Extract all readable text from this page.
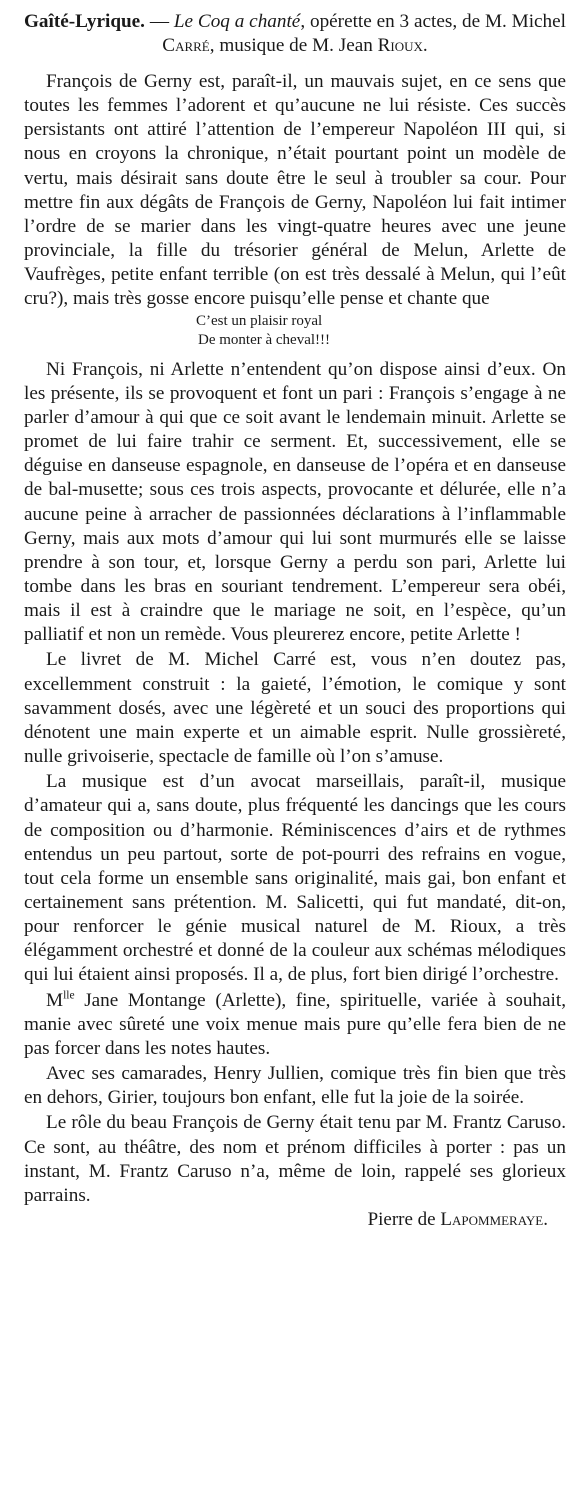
Gaîté-Lyrique. — Le Coq a chanté, opérette en 3 actes, de M. Michel Carré, musique de M. Jean Rioux.

François de Gerny est, paraît-il, un mauvais sujet, en ce sens que toutes les femmes l’adorent et qu’aucune ne lui résiste. Ces succès persistants ont attiré l’attention de l’empereur Napoléon III qui, si nous en croyons la chronique, n’était pourtant point un modèle de vertu, mais désirait sans doute être le seul à troubler sa cour. Pour mettre fin aux dégâts de François de Gerny, Napoléon lui fait intimer l’ordre de se marier dans les vingt-quatre heures avec une jeune provinciale, la fille du trésorier général de Melun, Arlette de Vaufrèges, petite enfant terrible (on est très dessalé à Melun, qui l’eût cru?), mais très gosse encore puisqu’elle pense et chante que

C’est un plaisir royal
De monter à cheval!!!

Ni François, ni Arlette n’entendent qu’on dispose ainsi d’eux. On les présente, ils se provoquent et font un pari : François s’engage à ne parler d’amour à qui que ce soit avant le lendemain minuit. Arlette se promet de lui faire trahir ce serment. Et, successivement, elle se déguise en danseuse espagnole, en danseuse de l’opéra et en danseuse de bal-musette; sous ces trois aspects, provocante et délurée, elle n’a aucune peine à arracher de passionnées déclarations à l’inflammable Gerny, mais aux mots d’amour qui lui sont murmurés elle se laisse prendre à son tour, et, lorsque Gerny a perdu son pari, Arlette lui tombe dans les bras en souriant tendrement. L’empereur sera obéi, mais il est à craindre que le mariage ne soit, en l’espèce, qu’un palliatif et non un remède. Vous pleurerez encore, petite Arlette !

Le livret de M. Michel Carré est, vous n’en doutez pas, excellemment construit : la gaieté, l’émotion, le comique y sont savamment dosés, avec une légèreté et un souci des proportions qui dénotent une main experte et un aimable esprit. Nulle grossièreté, nulle grivoiserie, spectacle de famille où l’on s’amuse.

La musique est d’un avocat marseillais, paraît-il, musique d’amateur qui a, sans doute, plus fréquenté les dancings que les cours de composition ou d’harmonie. Réminiscences d’airs et de rythmes entendus un peu partout, sorte de pot-pourri des refrains en vogue, tout cela forme un ensemble sans originalité, mais gai, bon enfant et certainement sans prétention. M. Salicetti, qui fut mandaté, dit-on, pour renforcer le génie musical naturel de M. Rioux, a très élégamment orchestré et donné de la couleur aux schémas mélodiques qui lui étaient ainsi proposés. Il a, de plus, fort bien dirigé l’orchestre.

$M^{lle}$ Jane Montange (Arlette), fine, spirituelle, variée à souhait, manie avec sûreté une voix menue mais pure qu’elle fera bien de ne pas forcer dans les notes hautes.

Avec ses camarades, Henry Jullien, comique très fin bien que très en dehors, Girier, toujours bon enfant, elle fut la joie de la soirée.

Le rôle du beau François de Gerny était tenu par M. Frantz Caruso. Ce sont, au théâtre, des nom et prénom difficiles à porter : pas un instant, M. Frantz Caruso n’a, même de loin, rappelé ses glorieux parrains.

Pierre de Lapommeraye.
